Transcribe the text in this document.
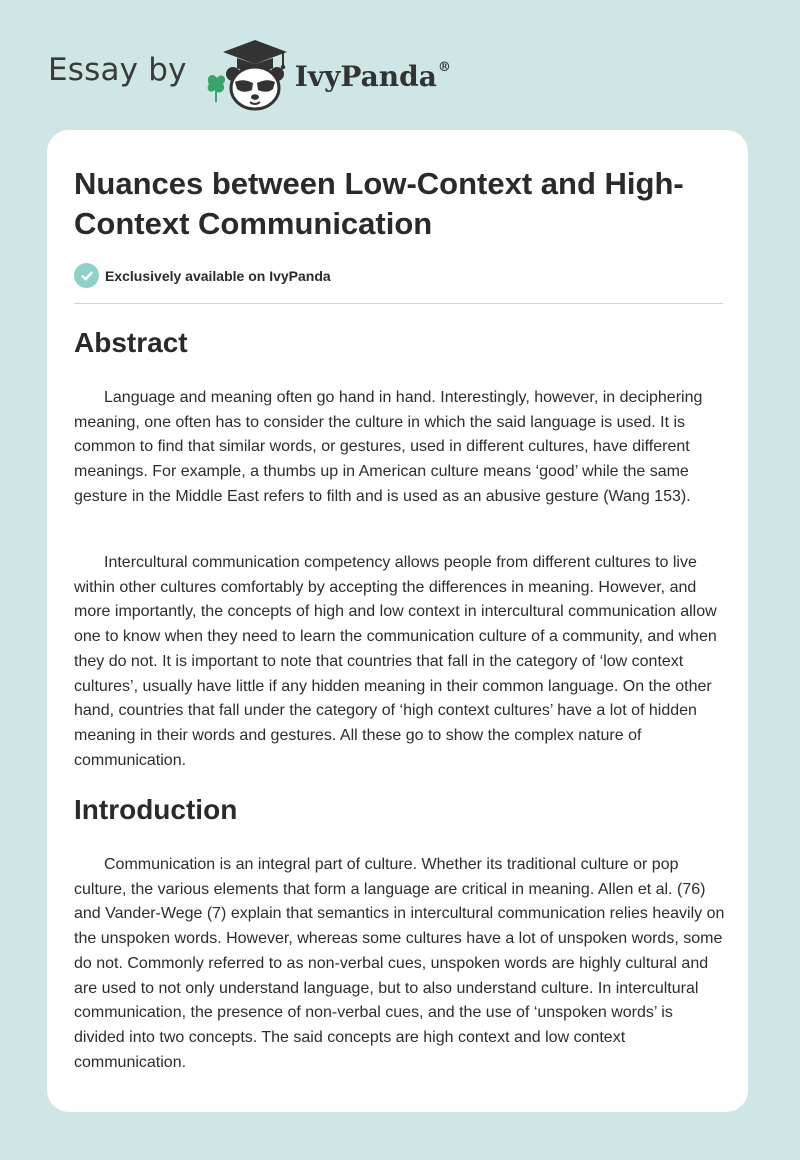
Essay by	IvyPanda®
Nuances between Low-Context and High-Context Communication
Exclusively available on IvyPanda
Abstract

Language and meaning often go hand in hand. Interestingly, however, in deciphering meaning, one often has to consider the culture in which the said language is used. It is common to find that similar words, or gestures, used in different cultures, have different meanings. For example, a thumbs up in American culture means ‘good’ while the same gesture in the Middle East refers to filth and is used as an abusive gesture (Wang 153).

Intercultural communication competency allows people from different cultures to live within other cultures comfortably by accepting the differences in meaning. However, and more importantly, the concepts of high and low context in intercultural communication allow one to know when they need to learn the communication culture of a community, and when they do not. It is important to note that countries that fall in the category of ‘low context cultures’, usually have little if any hidden meaning in their common language. On the other hand, countries that fall under the category of ‘high context cultures’ have a lot of hidden meaning in their words and gestures. All these go to show the complex nature of communication.

Introduction

Communication is an integral part of culture. Whether its traditional culture or pop culture, the various elements that form a language are critical in meaning. Allen et al. (76) and Vander-Wege (7) explain that semantics in intercultural communication relies heavily on the unspoken words. However, whereas some cultures have a lot of unspoken words, some do not. Commonly referred to as non-verbal cues, unspoken words are highly cultural and are used to not only understand language, but to also understand culture. In intercultural communication, the presence of non-verbal cues, and the use of ‘unspoken words’ is divided into two concepts. The said concepts are high context and low context communication.
